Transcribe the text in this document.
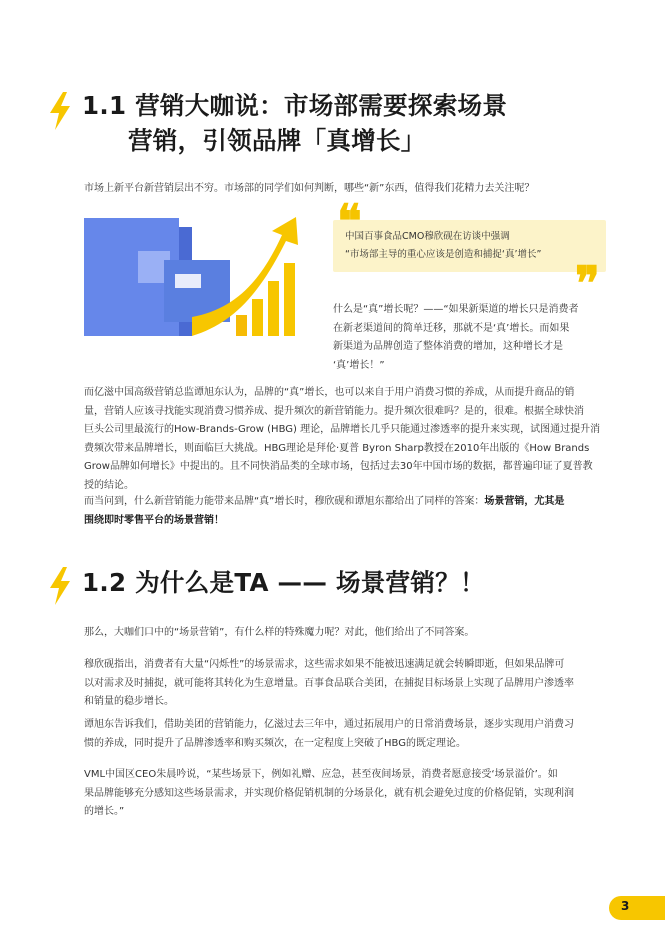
1.1 营销大咖说：市场部需要探索场景
营销，引领品牌「真增长」
市场上新平台新营销层出不穷。市场部的同学们如何判断，哪些“新”东西，值得我们花精力去关注呢？
中国百事食品CMO穆欣砚在访谈中强调
“市场部主导的重心应该是创造和捕捉‘真’增长”
❞
什么是“真”增长呢？——“如果新渠道的增长只是消费者
在新老渠道间的简单迁移，那就不是‘真’增长。而如果
新渠道为品牌创造了整体消费的增加，这种增长才是
‘真’增长！”
而亿滋中国高级营销总监谭旭东认为，品牌的“真”增长，也可以来自于用户消费习惯的养成，从而提升商品的销
量，营销人应该寻找能实现消费习惯养成、提升频次的新营销能力。提升频次很难吗？是的，很难。根据全球快消
巨头公司里最流行的How-Brands-Grow (HBG) 理论，品牌增长几乎只能通过渗透率的提升来实现，试图通过提升消
费频次带来品牌增长，则面临巨大挑战。HBG理论是拜伦·夏普 Byron Sharp教授在2010年出版的《How Brands
Grow品牌如何增长》中提出的。且不同快消品类的全球市场，包括过去30年中国市场的数据，都普遍印证了夏普教
授的结论。
而当问到，什么新营销能力能带来品牌“真”增长时，穆欣砚和谭旭东都给出了同样的答案：场景营销，尤其是
围绕即时零售平台的场景营销！
1.2 为什么是TA —— 场景营销？！
那么，大咖们口中的“场景营销”，有什么样的特殊魔力呢？对此，他们给出了不同答案。
穆欣砚指出，消费者有大量“闪烁性”的场景需求，这些需求如果不能被迅速满足就会转瞬即逝，但如果品牌可
以对需求及时捕捉，就可能将其转化为生意增量。百事食品联合美团，在捕捉目标场景上实现了品牌用户渗透率
和销量的稳步增长。
谭旭东告诉我们，借助美团的营销能力，亿滋过去三年中，通过拓展用户的日常消费场景，逐步实现用户消费习
惯的养成，同时提升了品牌渗透率和购买频次，在一定程度上突破了HBG的既定理论。
VML中国区CEO朱晨吟说，“某些场景下，例如礼赠、应急，甚至夜间场景，消费者愿意接受‘场景溢价’。如
果品牌能够充分感知这些场景需求，并实现价格促销机制的分场景化，就有机会避免过度的价格促销，实现利润
的增长。”
3
